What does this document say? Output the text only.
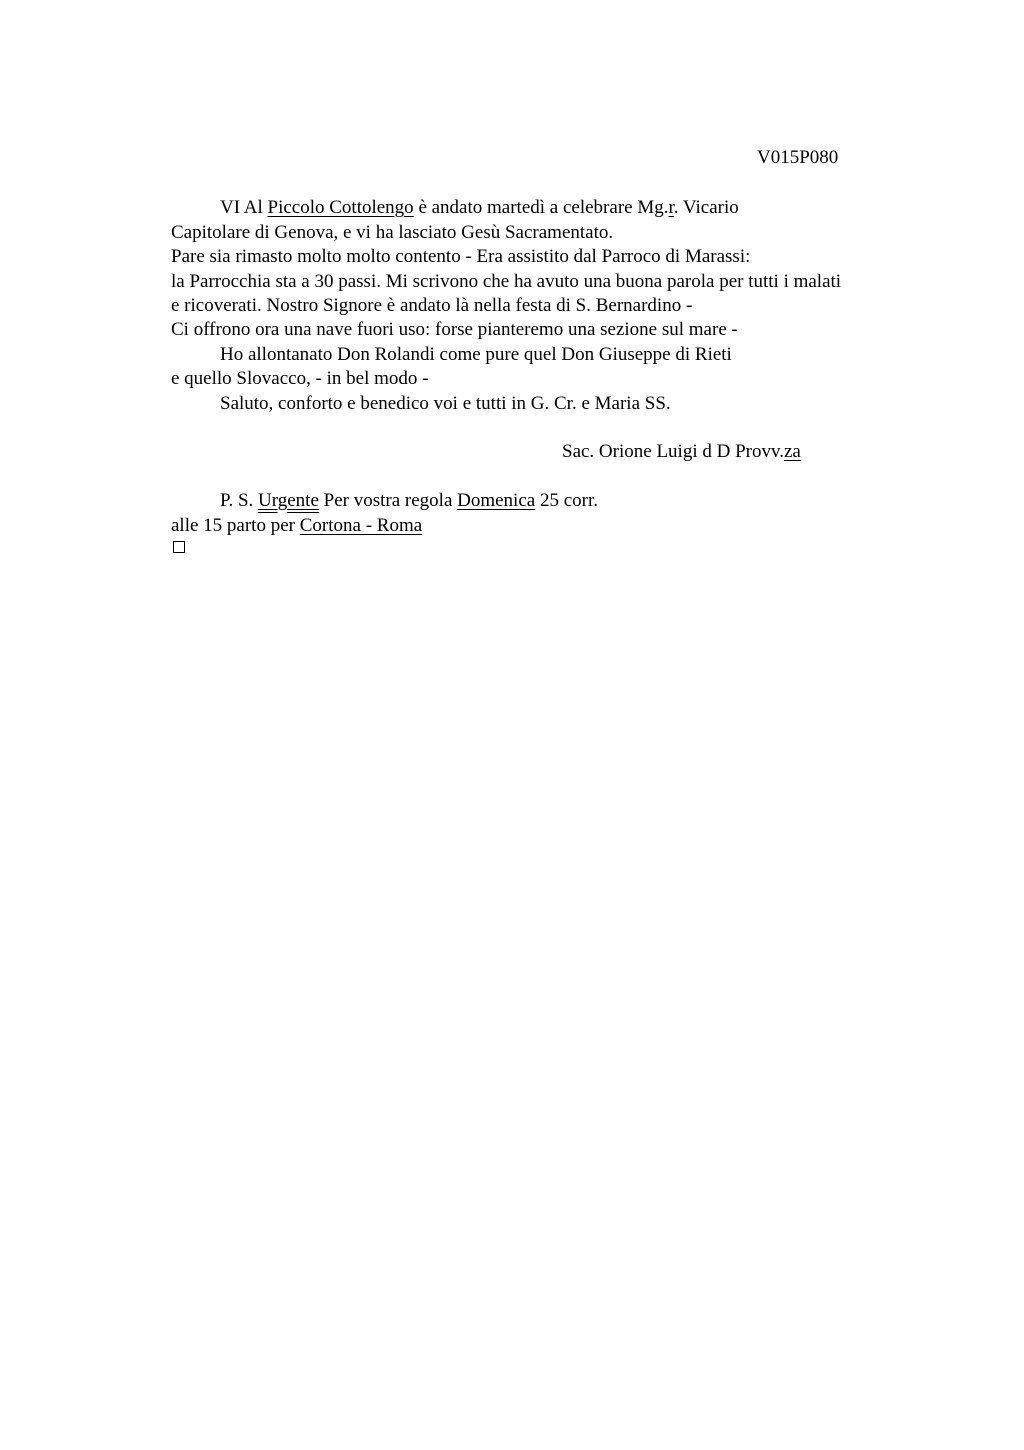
V015P080
VI Al Piccolo Cottolengo è andato martedì a celebrare Mg.r. Vicario
Capitolare di Genova, e vi ha lasciato Gesù Sacramentato.
Pare sia rimasto molto molto contento - Era assistito dal Parroco di Marassi:
la Parrocchia sta a 30 passi. Mi scrivono che ha avuto una buona parola per tutti i malati
e ricoverati. Nostro Signore è andato là nella festa di S. Bernardino -
Ci offrono ora una nave fuori uso: forse pianteremo una sezione sul mare -
Ho allontanato Don Rolandi come pure quel Don Giuseppe di Rieti
e quello Slovacco, - in bel modo -
Saluto, conforto e benedico voi e tutti in G. Cr. e Maria SS.
Sac. Orione Luigi d D Provv.za
P. S. Urgente Per vostra regola Domenica 25 corr.
alle 15 parto per Cortona - Roma
